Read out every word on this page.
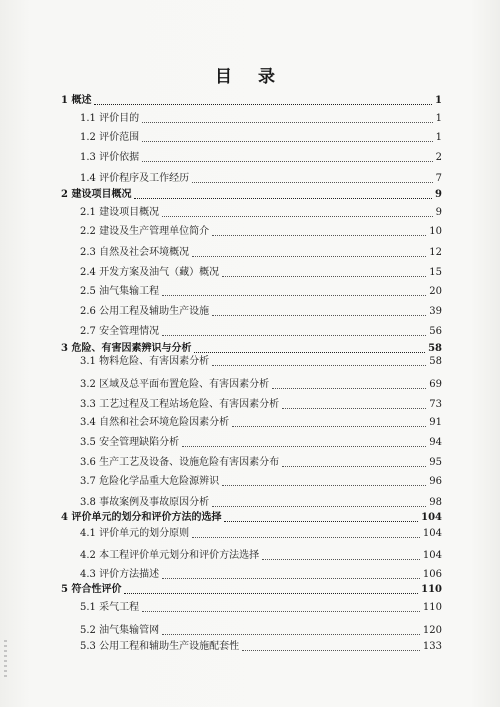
目 录
1 概述	1
1.1 评价目的	1
1.2 评价范围	1
1.3 评价依据	2
1.4 评价程序及工作经历	7
2 建设项目概况	9
2.1 建设项目概况	9
2.2 建设及生产管理单位简介	10
2.3 自然及社会环境概况	12
2.4 开发方案及油气（藏）概况	15
2.5 油气集输工程	20
2.6 公用工程及辅助生产设施	39
2.7 安全管理情况	56
3 危险、有害因素辨识与分析	58
3.1 物料危险、有害因素分析	58
3.2 区域及总平面布置危险、有害因素分析	69
3.3 工艺过程及工程站场危险、有害因素分析	73
3.4 自然和社会环境危险因素分析	91
3.5 安全管理缺陷分析	94
3.6 生产工艺及设备、设施危险有害因素分布	95
3.7 危险化学品重大危险源辨识	96
3.8 事故案例及事故原因分析	98
4 评价单元的划分和评价方法的选择	104
4.1 评价单元的划分原则	104
4.2 本工程评价单元划分和评价方法选择	104
4.3 评价方法描述	106
5 符合性评价	110
5.1 采气工程	110
5.2 油气集输管网	120
5.3 公用工程和辅助生产设施配套性	133
